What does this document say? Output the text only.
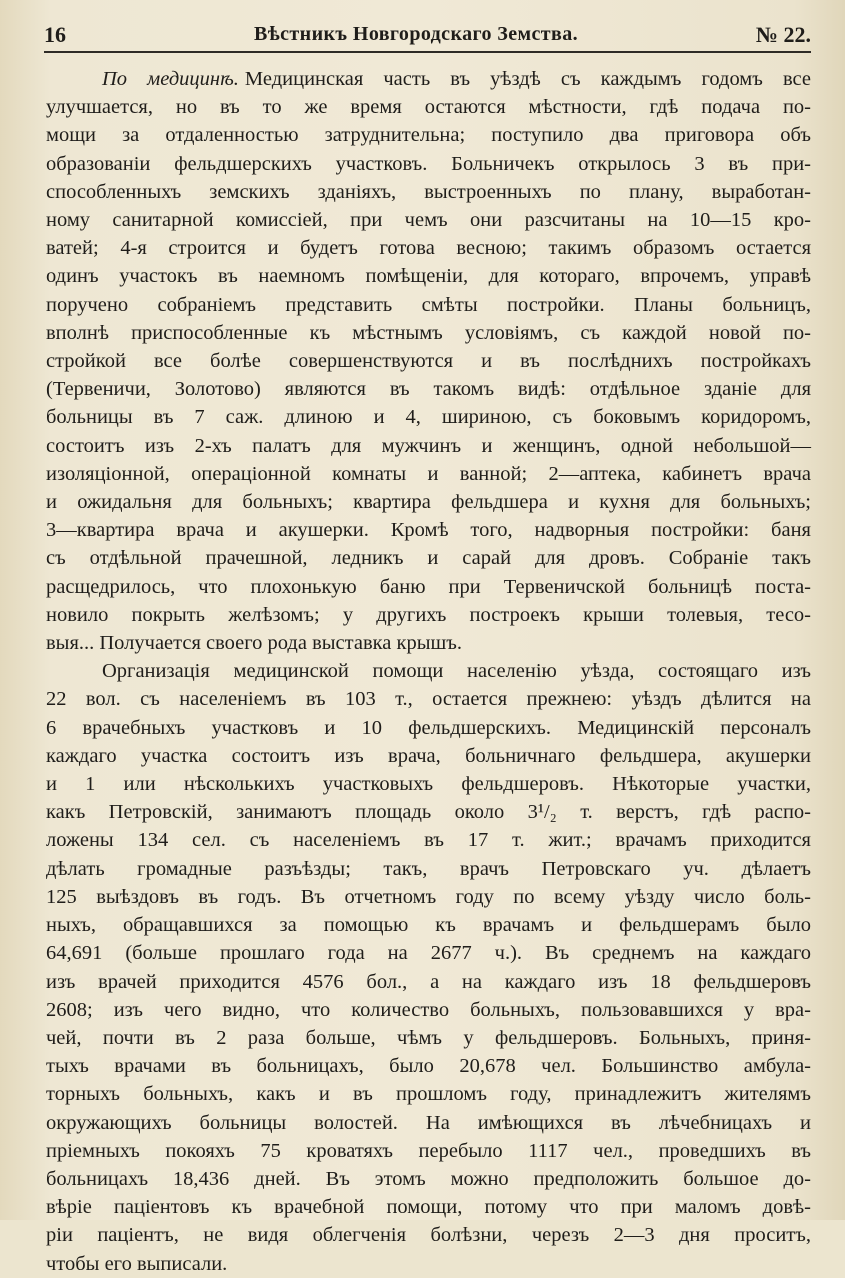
16	Вѣстникъ Новгородскаго Земства.	№ 22.
По медицинѣ. Медицинская часть въ уѣздѣ съ каждымъ годомъ все
улучшается, но въ то же время остаются мѣстности, гдѣ подача по-
мощи за отдаленностью затруднительна; поступило два приговора объ
образованіи фельдшерскихъ участковъ. Больничекъ открылось 3 въ при-
способленныхъ земскихъ зданіяхъ, выстроенныхъ по плану, выработан-
ному санитарной комиссіей, при чемъ они разсчитаны на 10—15 кро-
ватей; 4-я строится и будетъ готова весною; такимъ образомъ остается
одинъ участокъ въ наемномъ помѣщеніи, для котораго, впрочемъ, управѣ
поручено собраніемъ представить смѣты постройки. Планы больницъ,
вполнѣ приспособленные къ мѣстнымъ условіямъ, съ каждой новой по-
стройкой все болѣе совершенствуются и въ послѣднихъ постройкахъ
(Тервеничи, Золотово) являются въ такомъ видѣ: отдѣльное зданіе для
больницы въ 7 саж. длиною и 4, шириною, съ боковымъ коридоромъ,
состоитъ изъ 2-хъ палатъ для мужчинъ и женщинъ, одной небольшой—
изоляціонной, операціонной комнаты и ванной; 2—аптека, кабинетъ врача
и ожидальня для больныхъ; квартира фельдшера и кухня для больныхъ;
3—квартира врача и акушерки. Кромѣ того, надворныя постройки: баня
съ отдѣльной прачешной, ледникъ и сарай для дровъ. Собраніе такъ
расщедрилось, что плохонькую баню при Тервеничской больницѣ поста-
новило покрыть желѣзомъ; у другихъ построекъ крыши толевыя, тесо-
выя... Получается своего рода выставка крышъ.
Организація медицинской помощи населенію уѣзда, состоящаго изъ
22 вол. съ населеніемъ въ 103 т., остается прежнею: уѣздъ дѣлится на
6 врачебныхъ участковъ и 10 фельдшерскихъ. Медицинскій персоналъ
каждаго участка состоитъ изъ врача, больничнаго фельдшера, акушерки
и 1 или нѣсколькихъ участковыхъ фельдшеровъ. Нѣкоторые участки,
какъ Петровскій, занимаютъ площадь около 3¹/₂ т. верстъ, гдѣ распо-
ложены 134 сел. съ населеніемъ въ 17 т. жит.; врачамъ приходится
дѣлать громадные разъѣзды; такъ, врачъ Петровскаго уч. дѣлаетъ
125 выѣздовъ въ годъ. Въ отчетномъ году по всему уѣзду число боль-
ныхъ, обращавшихся за помощью къ врачамъ и фельдшерамъ было
64,691 (больше прошлаго года на 2677 ч.). Въ среднемъ на каждаго
изъ врачей приходится 4576 бол., а на каждаго изъ 18 фельдшеровъ
2608; изъ чего видно, что количество больныхъ, пользовавшихся у вра-
чей, почти въ 2 раза больше, чѣмъ у фельдшеровъ. Больныхъ, приня-
тыхъ врачами въ больницахъ, было 20,678 чел. Большинство амбула-
торныхъ больныхъ, какъ и въ прошломъ году, принадлежитъ жителямъ
окружающихъ больницы волостей. На имѣющихся въ лѣчебницахъ и
пріемныхъ покояхъ 75 кроватяхъ перебыло 1117 чел., проведшихъ въ
больницахъ 18,436 дней. Въ этомъ можно предположить большое до-
вѣріе паціентовъ къ врачебной помощи, потому что при маломъ довѣ-
ріи паціентъ, не видя облегченія болѣзни, черезъ 2—3 дня проситъ,
чтобы его выписали.
